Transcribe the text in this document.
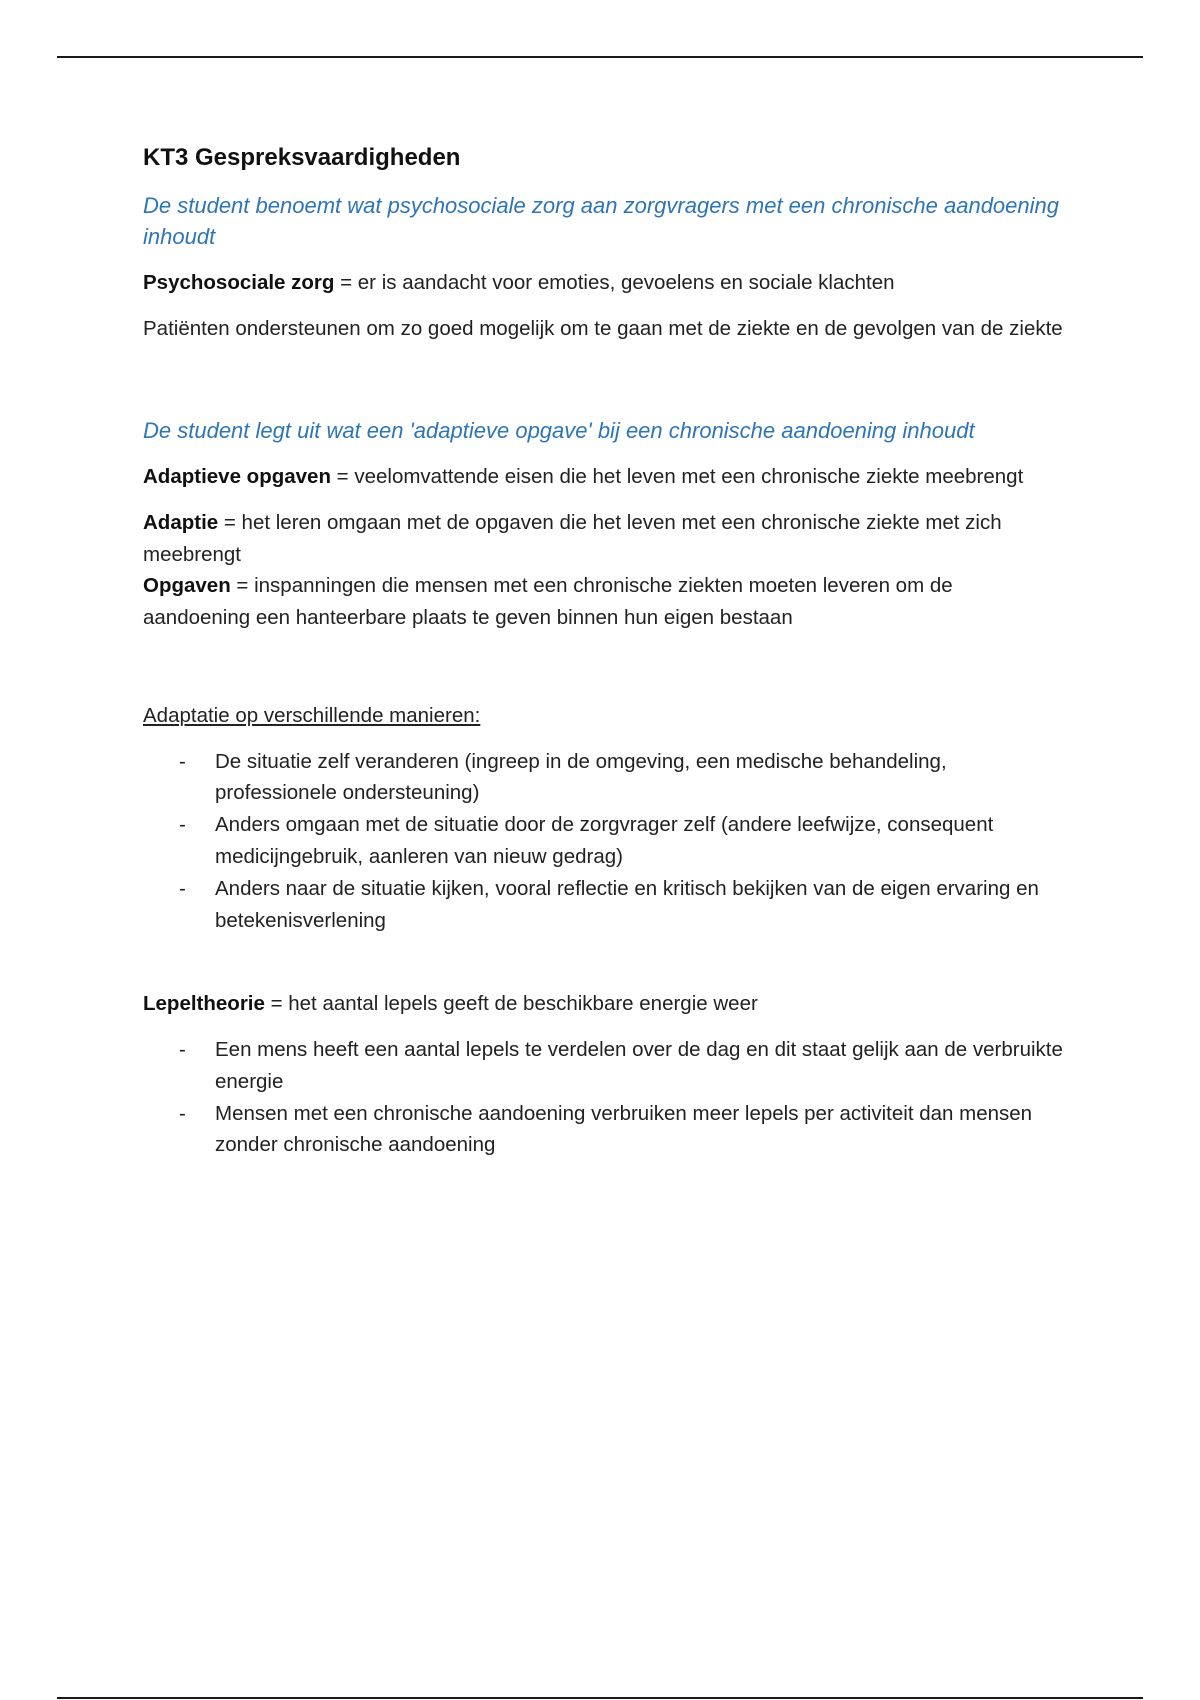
KT3 Gespreksvaardigheden
De student benoemt wat psychosociale zorg aan zorgvragers met een chronische aandoening inhoudt

Psychosociale zorg = er is aandacht voor emoties, gevoelens en sociale klachten

Patiënten ondersteunen om zo goed mogelijk om te gaan met de ziekte en de gevolgen van de ziekte

De student legt uit wat een 'adaptieve opgave' bij een chronische aandoening inhoudt

Adaptieve opgaven = veelomvattende eisen die het leven met een chronische ziekte meebrengt

Adaptie = het leren omgaan met de opgaven die het leven met een chronische ziekte met zich meebrengt

Opgaven = inspanningen die mensen met een chronische ziekten moeten leveren om de aandoening een hanteerbare plaats te geven binnen hun eigen bestaan

Adaptatie op verschillende manieren:

- De situatie zelf veranderen (ingreep in de omgeving, een medische behandeling, professionele ondersteuning)
- Anders omgaan met de situatie door de zorgvrager zelf (andere leefwijze, consequent medicijngebruik, aanleren van nieuw gedrag)
- Anders naar de situatie kijken, vooral reflectie en kritisch bekijken van de eigen ervaring en betekenisverlening

Lepeltheorie = het aantal lepels geeft de beschikbare energie weer

- Een mens heeft een aantal lepels te verdelen over de dag en dit staat gelijk aan de verbruikte energie
- Mensen met een chronische aandoening verbruiken meer lepels per activiteit dan mensen zonder chronische aandoening
